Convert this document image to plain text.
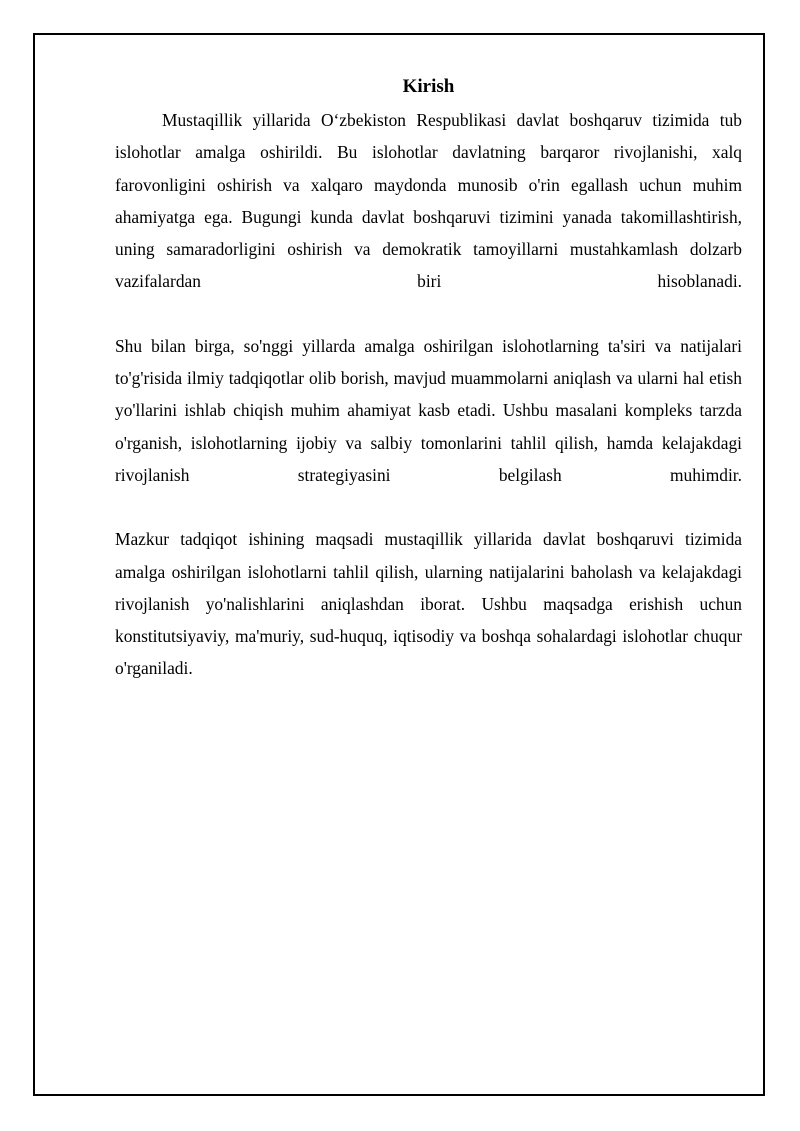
Kirish

Mustaqillik yillarida O‘zbekiston Respublikasi davlat boshqaruv tizimida tub islohotlar amalga oshirildi. Bu islohotlar davlatning barqaror rivojlanishi, xalq farovonligini oshirish va xalqaro maydonda munosib o'rin egallash uchun muhim ahamiyatga ega. Bugungi kunda davlat boshqaruvi tizimini yanada takomillashtirish, uning samaradorligini oshirish va demokratik tamoyillarni mustahkamlash dolzarb vazifalardan biri hisoblanadi.

Shu bilan birga, so'nggi yillarda amalga oshirilgan islohotlarning ta'siri va natijalari to'g'risida ilmiy tadqiqotlar olib borish, mavjud muammolarni aniqlash va ularni hal etish yo'llarini ishlab chiqish muhim ahamiyat kasb etadi. Ushbu masalani kompleks tarzda o'rganish, islohotlarning ijobiy va salbiy tomonlarini tahlil qilish, hamda kelajakdagi rivojlanish strategiyasini belgilash muhimdir.

Mazkur tadqiqot ishining maqsadi mustaqillik yillarida davlat boshqaruvi tizimida amalga oshirilgan islohotlarni tahlil qilish, ularning natijalarini baholash va kelajakdagi rivojlanish yo'nalishlarini aniqlashdan iborat. Ushbu maqsadga erishish uchun konstitutsiyaviy, ma'muriy, sud-huquq, iqtisodiy va boshqa sohalardagi islohotlar chuqur o'rganiladi.
